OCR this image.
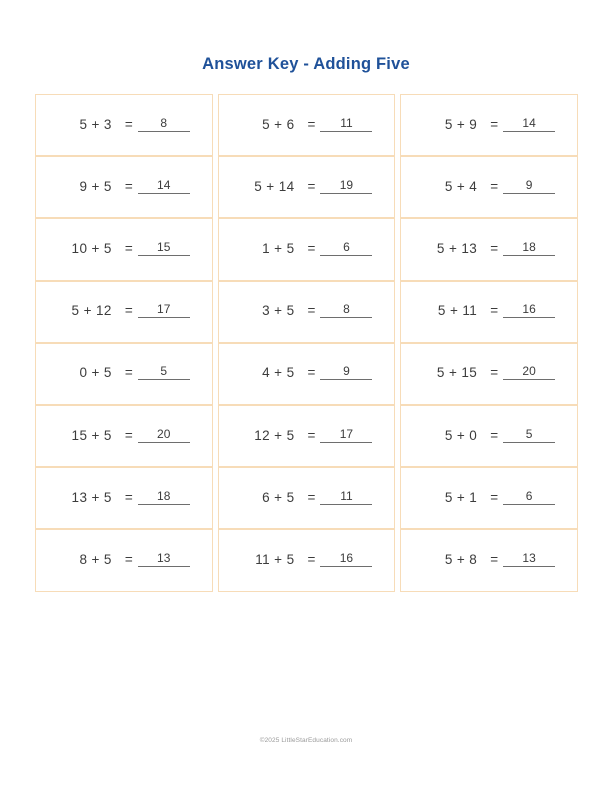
Answer Key - Adding Five
5 + 3 =	8	5 + 6 =	11	5 + 9 =	14
9 + 5 =	14	5 + 14 =	19	5 + 4 =	9
10 + 5 =	15	1 + 5 =	6	5 + 13 =	18
5 + 12 =	17	3 + 5 =	8	5 + 11 =	16
0 + 5 =	5	4 + 5 =	9	5 + 15 =	20
15 + 5 =	20	12 + 5 =	17	5 + 0 =	5
13 + 5 =	18	6 + 5 =	11	5 + 1 =	6
8 + 5 =	13	11 + 5 =	16	5 + 8 =	13
©2025 LittleStarEducation.com
